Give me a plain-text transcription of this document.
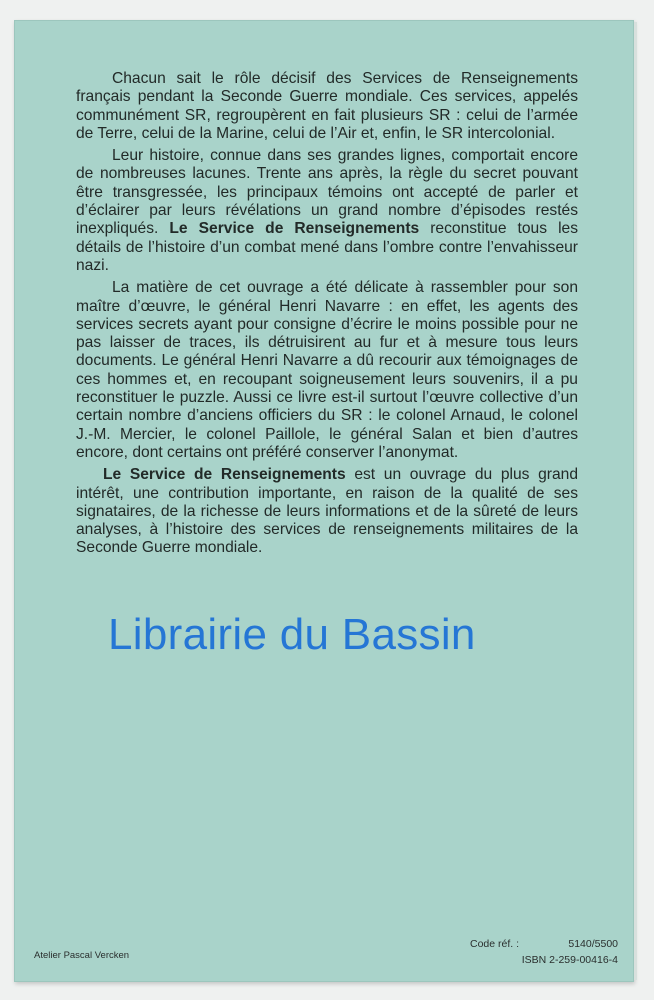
Chacun sait le rôle décisif des Services de Renseignements français pendant la Seconde Guerre mondiale. Ces services, appelés communément SR, regroupèrent en fait plusieurs SR : celui de l’armée de Terre, celui de la Marine, celui de l’Air et, enfin, le SR intercolonial.

Leur histoire, connue dans ses grandes lignes, comportait encore de nombreuses lacunes. Trente ans après, la règle du secret pouvant être transgressée, les principaux témoins ont accepté de parler et d’éclairer par leurs révélations un grand nombre d’épisodes restés inexpliqués. Le Service de Renseignements reconstitue tous les détails de l’histoire d’un combat mené dans l’ombre contre l’envahisseur nazi.

La matière de cet ouvrage a été délicate à rassembler pour son maître d’œuvre, le général Henri Navarre : en effet, les agents des services secrets ayant pour consigne d’écrire le moins possible pour ne pas laisser de traces, ils détruisirent au fur et à mesure tous leurs documents. Le général Henri Navarre a dû recourir aux témoignages de ces hommes et, en recoupant soigneusement leurs souvenirs, il a pu reconstituer le puzzle. Aussi ce livre est-il surtout l’œuvre collective d’un certain nombre d’anciens officiers du SR : le colonel Arnaud, le colonel J.-M. Mercier, le colonel Paillole, le général Salan et bien d’autres encore, dont certains ont préféré conserver l’anonymat.

Le Service de Renseignements est un ouvrage du plus grand intérêt, une contribution importante, en raison de la qualité de ses signataires, de la richesse de leurs informations et de la sûreté de leurs analyses, à l’histoire des services de renseignements militaires de la Seconde Guerre mondiale.

Librairie du Bassin
Atelier Pascal Vercken
Code réf. :	5140/5500
ISBN 2-259-00416-4
